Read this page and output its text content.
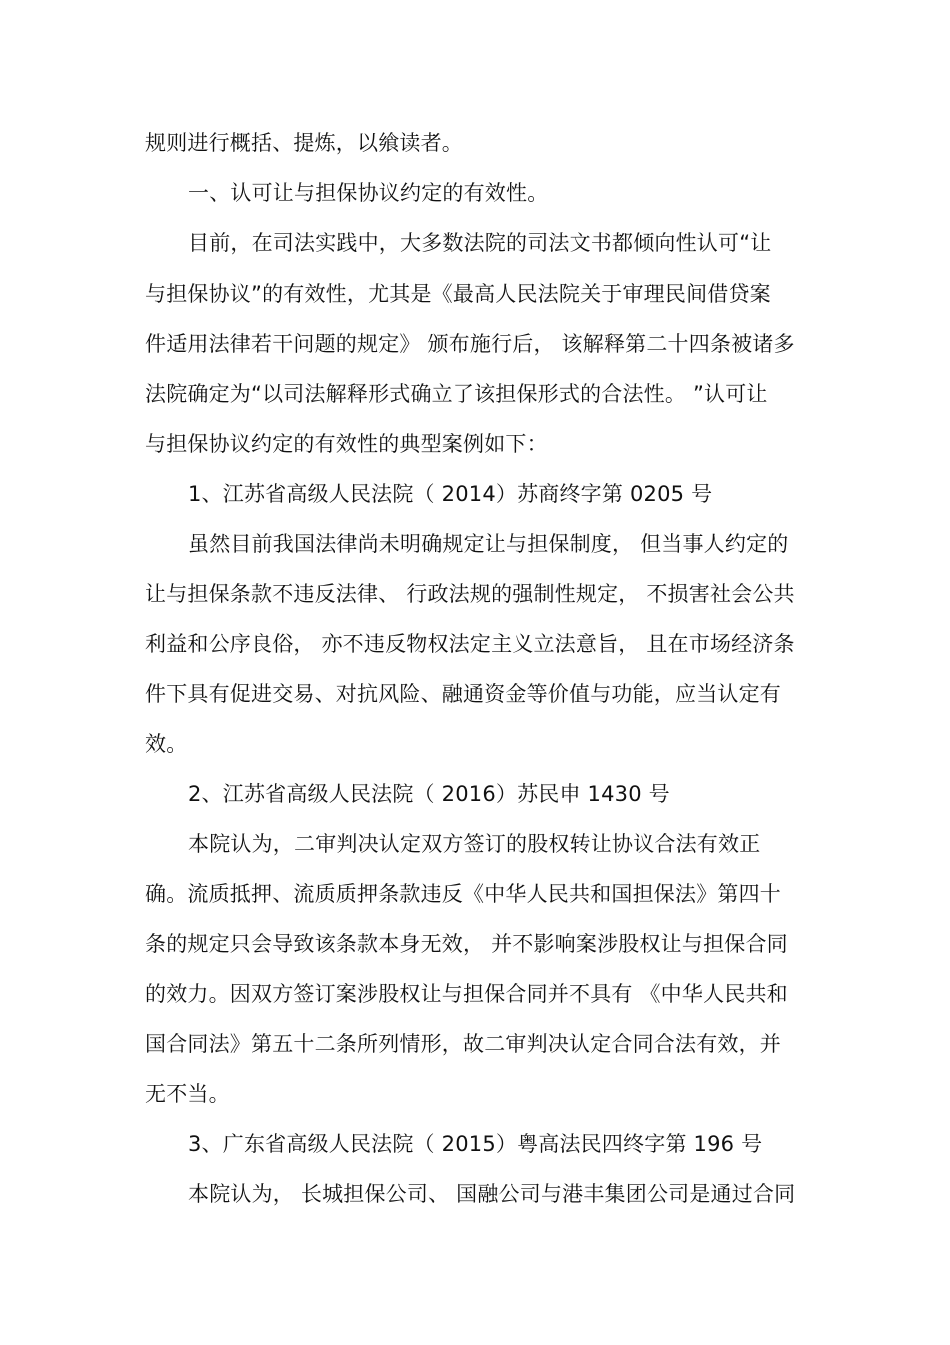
规则进行概括、提炼，以飨读者。
一、认可让与担保协议约定的有效性。
目前，在司法实践中，大多数法院的司法文书都倾向性认可“让
与担保协议”的有效性，尤其是《最高人民法院关于审理民间借贷案
件适用法律若干问题的规定》 颁布施行后， 该解释第二十四条被诸多
法院确定为“以司法解释形式确立了该担保形式的合法性。 ”认可让
与担保协议约定的有效性的典型案例如下：
1、江苏省高级人民法院（ 2014）苏商终字第 0205 号
虽然目前我国法律尚未明确规定让与担保制度， 但当事人约定的
让与担保条款不违反法律、 行政法规的强制性规定， 不损害社会公共
利益和公序良俗， 亦不违反物权法定主义立法意旨， 且在市场经济条
件下具有促进交易、对抗风险、融通资金等价值与功能，应当认定有
效。
2、江苏省高级人民法院（ 2016）苏民申 1430 号
本院认为，二审判决认定双方签订的股权转让协议合法有效正
确。流质抵押、流质质押条款违反《中华人民共和国担保法》第四十
条的规定只会导致该条款本身无效， 并不影响案涉股权让与担保合同
的效力。因双方签订案涉股权让与担保合同并不具有 《中华人民共和
国合同法》第五十二条所列情形，故二审判决认定合同合法有效，并
无不当。
3、广东省高级人民法院（ 2015）粤高法民四终字第 196 号
本院认为， 长城担保公司、 国融公司与港丰集团公司是通过合同
